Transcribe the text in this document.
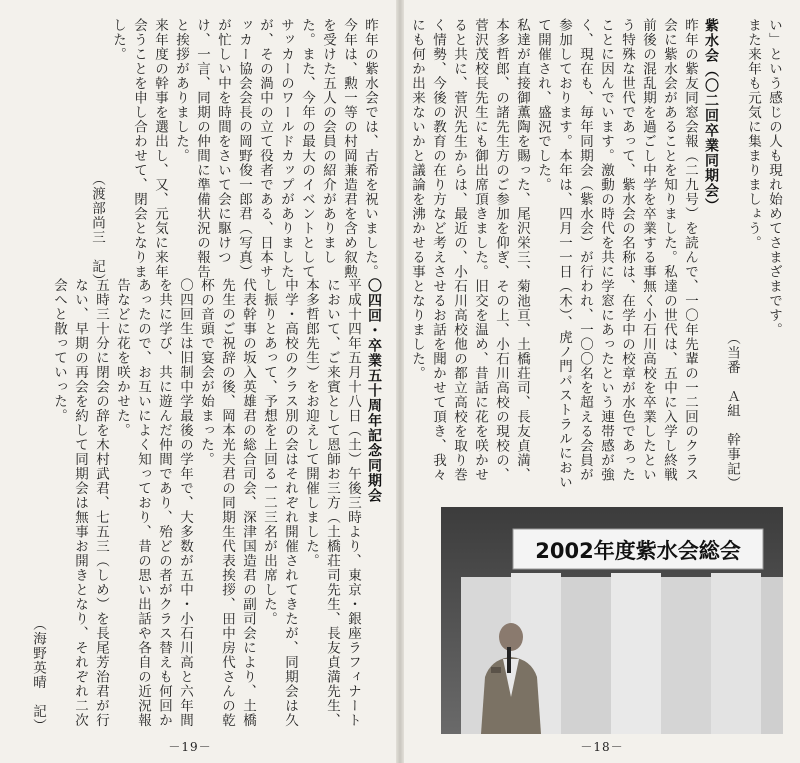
い」という感じの人も現れ始めてさまざまです。
また来年も元気に集まりましょう。
（当番　Ａ組　幹事記）
紫水会（〇二回卒業同期会）
昨年の紫友同窓会報（二九号）を読んで、一〇年先輩の一二回のクラス会に紫水会があることを知りました。私達の世代は、五中に入学し終戦前後の混乱期を過ごし中学を卒業する事無く小石川高校を卒業したという特殊な世代であって、紫水会の名称は、在学中の校章が水色であったことに因んでいます。激動の時代を共に学窓にあったという連帯感が強く、現在も、毎年同期会（紫水会）が行われ、一〇〇名を超える会員が参加しております。本年は、四月一一日（木）、虎ノ門パストラルにおいて開催され、盛況でした。
私達が直接御薫陶を賜った、尾沢栄三、菊池亘、土橋荘司、長友貞満、本多哲郎、の諸先生方のご参加を仰ぎ、その上、小石川高校の現校の、菅沢茂校長先生にも御出席頂きました。旧交を温め、昔話に花を咲かせると共に、菅沢先生からは、最近の、小石川高校他の都立高校を取り巻く情勢、今後の教育の在り方など考えさせるお話を聞かせて頂き、我々にも何か出来ないかと議論を沸かせる事となりました。
－18－
2002年度紫水会総会
昨年の紫水会では、古希を祝いました。今年は、勲一等の村岡兼造君を含め叙勲を受けた五人の会員の紹介がありました。また、今年の最大のイベントとしてサッカーのワールドカップがありましたが、その渦中の立て役者である、日本サッカー協会会長の岡野俊一郎君（写真）が忙しい中を時間をさいて会に駆けつけ、一言、同期の仲間に準備状況の報告と挨拶がありました。
来年度の幹事を選出し、又、元気に来年会うことを申し合わせて、閉会となりました。
（渡部尚三　記）
〇四回・卒業五十周年記念同期会
平成十四年五月十八日（土）午後三時より、東京・銀座ラフィナートにおいて、ご来賓として恩師お三方（土橋荘司先生、長友貞満先生、本多哲郎先生）をお迎えして開催しました。
中学・高校のクラス別の会はそれぞれ開催されてきたが、同期会は久し振りとあって、予想を上回る一二三名が出席した。
代表幹事の坂入英雄君の総合司会、深津国造君の副司会により、土橋先生のご祝辞の後、岡本光夫君の同期生代表挨拶、田中房代さんの乾杯の音頭で宴会が始まった。
〇四回生は旧制中学最後の学年で、大多数が五中・小石川高と六年間を共に学び、共に遊んだ仲間であり、殆どの者がクラス替えも何回かあったので、お互いによく知っており、昔の思い出話や各自の近況報告などに花を咲かせた。
五時三十分に閉会の辞を木村武君、七五三（しめ）を長尾芳治君が行ない、早期の再会を約して同期会は無事お開きとなり、それぞれ二次会へと散っていった。
（海野英晴　記）
－19－
